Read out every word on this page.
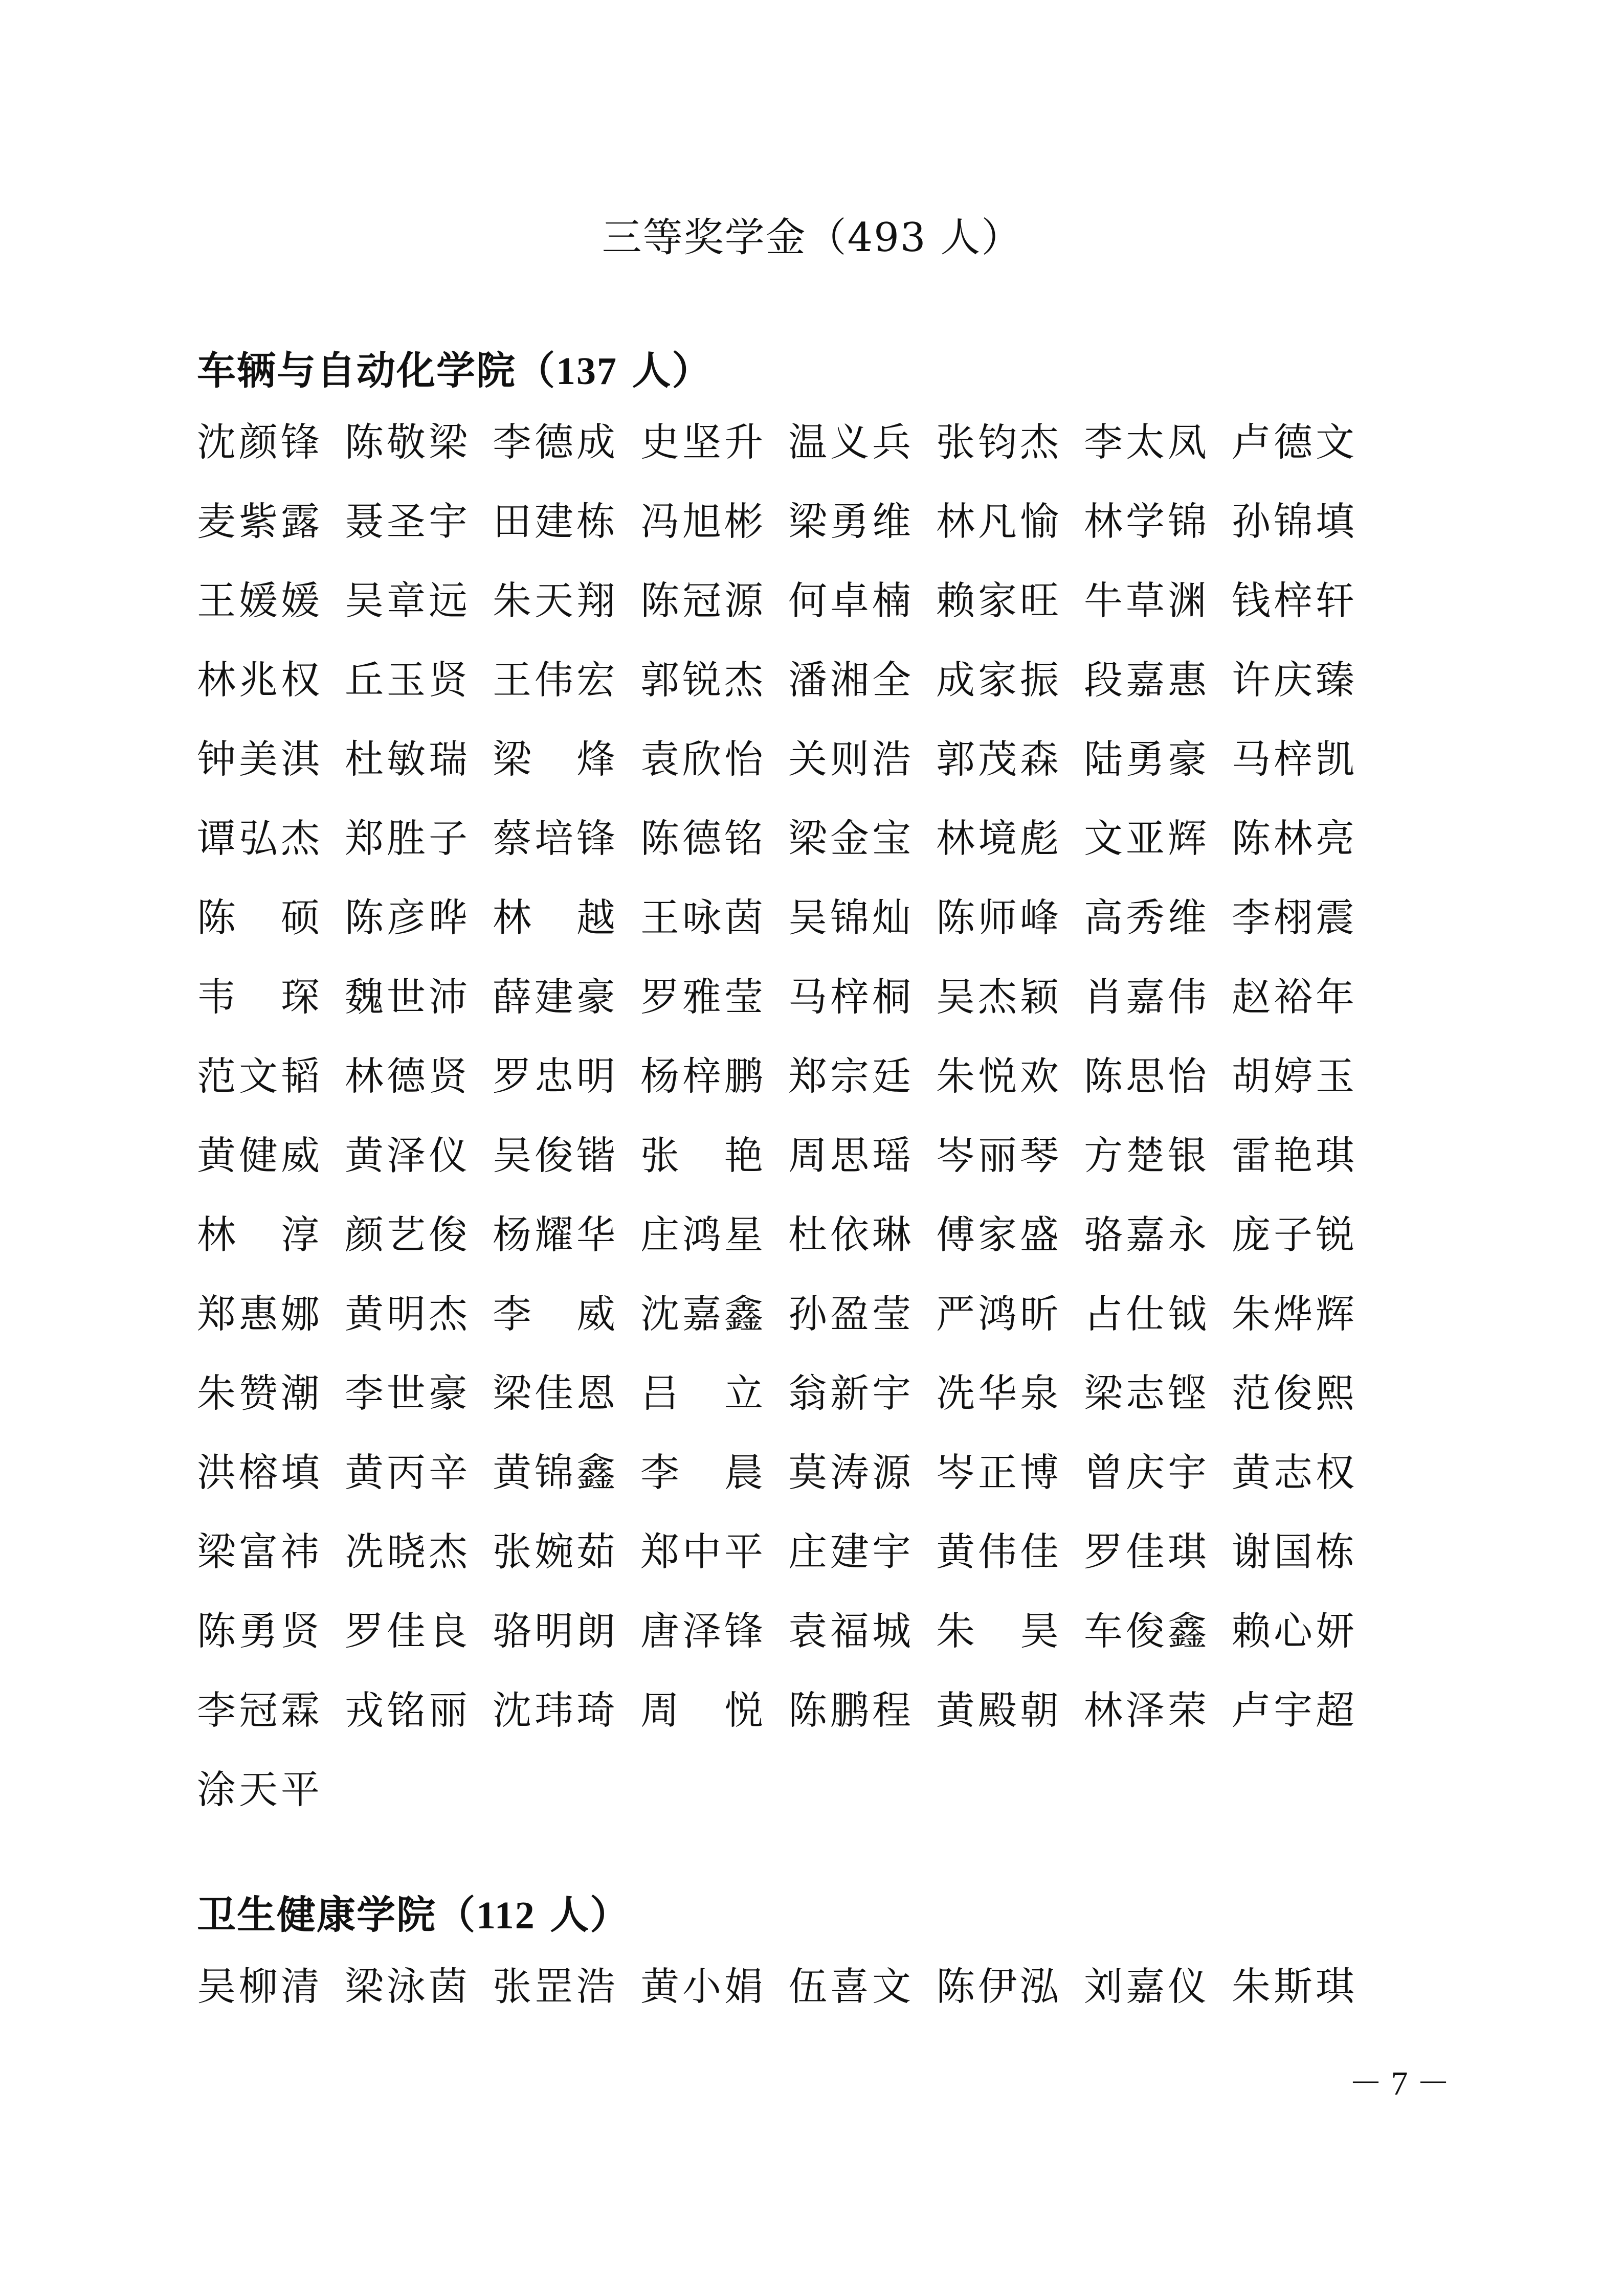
三等奖学金（493 人）
车辆与自动化学院（137 人）
沈颜锋 陈敬梁 李德成 史坚升 温义兵 张钧杰 李太凤 卢德文
麦紫露 聂圣宇 田建栋 冯旭彬 梁勇维 林凡愉 林学锦 孙锦填
王媛媛 吴章远 朱天翔 陈冠源 何卓楠 赖家旺 牛草渊 钱梓轩
林兆权 丘玉贤 王伟宏 郭锐杰 潘湘全 成家振 段嘉惠 许庆臻
钟美淇 杜敏瑞 梁 烽 袁欣怡 关则浩 郭茂森 陆勇豪 马梓凯
谭弘杰 郑胜子 蔡培锋 陈德铭 梁金宝 林境彪 文亚辉 陈林亮
陈 硕 陈彦晔 林 越 王咏茵 吴锦灿 陈师峰 高秀维 李栩震
韦 琛 魏世沛 薛建豪 罗雅莹 马梓桐 吴杰颖 肖嘉伟 赵裕年
范文韬 林德贤 罗忠明 杨梓鹏 郑宗廷 朱悦欢 陈思怡 胡婷玉
黄健威 黄泽仪 吴俊锴 张 艳 周思瑶 岑丽琴 方楚银 雷艳琪
林 淳 颜艺俊 杨耀华 庄鸿星 杜依琳 傅家盛 骆嘉永 庞子锐
郑惠娜 黄明杰 李 威 沈嘉鑫 孙盈莹 严鸿昕 占仕钺 朱烨辉
朱赞潮 李世豪 梁佳恩 吕 立 翁新宇 冼华泉 梁志铿 范俊熙
洪榕填 黄丙辛 黄锦鑫 李 晨 莫涛源 岑正博 曾庆宇 黄志权
梁富祎 冼晓杰 张婉茹 郑中平 庄建宇 黄伟佳 罗佳琪 谢国栋
陈勇贤 罗佳良 骆明朗 唐泽锋 袁福城 朱 昊 车俊鑫 赖心妍
李冠霖 戎铭丽 沈玮琦 周 悦 陈鹏程 黄殿朝 林泽荣 卢宇超
涂天平
卫生健康学院（112 人）
吴柳清 梁泳茵 张罡浩 黄小娟 伍喜文 陈伊泓 刘嘉仪 朱斯琪
－ 7 －
